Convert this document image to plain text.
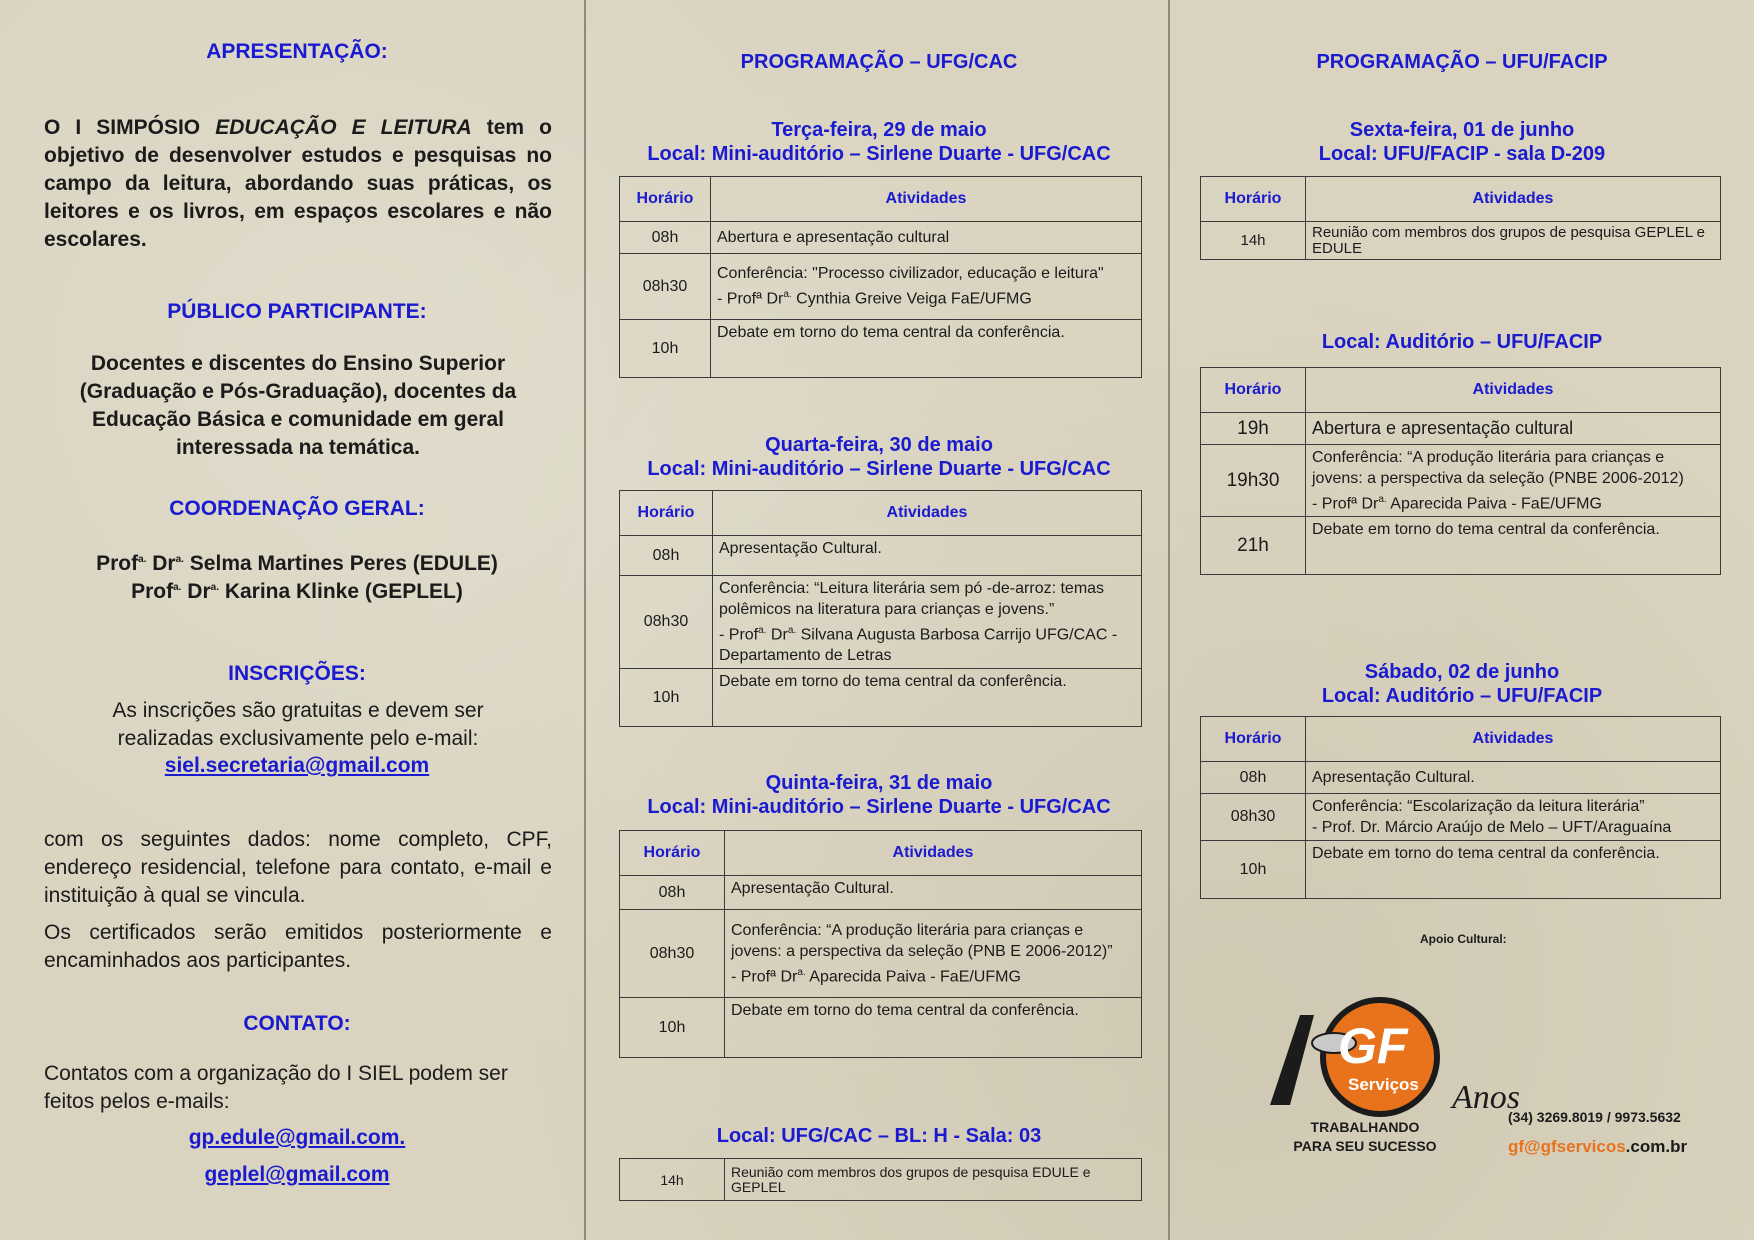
APRESENTAÇÃO:
O I SIMPÓSIO EDUCAÇÃO E LEITURA tem o objetivo de desenvolver estudos e pesquisas no campo da leitura, abordando suas práticas, os leitores e os livros, em espaços escolares e não escolares.
PÚBLICO PARTICIPANTE:
Docentes e discentes do Ensino Superior (Graduação e Pós-Graduação), docentes da Educação Básica e comunidade em geral interessada na temática.
COORDENAÇÃO GERAL:
Prof$^{a.}$ $Dr^{a.}$ Selma Martines Peres (EDULE)
Prof$^{a.}$ $Dr^{a.}$ Karina Klinke (GEPLEL)
INSCRIÇÕES:
As inscrições são gratuitas e devem ser realizadas exclusivamente pelo e-mail:
siel.secretaria@gmail.com
com os seguintes dados: nome completo, CPF, endereço residencial, telefone para contato, e-mail e instituição à qual se vincula.
Os certificados serão emitidos posteriormente e encaminhados aos participantes.
CONTATO:
Contatos com a organização do I SIEL podem ser feitos pelos e-mails:
gp.edule@gmail.com.
geplel@gmail.com
PROGRAMAÇÃO – UFG/CAC
Terça-feira, 29 de maio
Local: Mini-auditório – Sirlene Duarte - UFG/CAC
Horário	Atividades
08h	Abertura e apresentação cultural
08h30	Conferência: "Processo civilizador, educação e leitura"
- Profª $Dr^{a.}$ Cynthia Greive Veiga FaE/UFMG

10h	Debate em torno do tema central da conferência.
Quarta-feira, 30 de maio
Local: Mini-auditório – Sirlene Duarte - UFG/CAC
Horário	Atividades
08h	Apresentação Cultural.
08h30	Conferência: “Leitura literária sem pó -de-arroz: temas polêmicos na literatura para crianças e jovens.”
- Prof$^{a.}$ $Dr^{a.}$ Silvana Augusta Barbosa Carrijo UFG/CAC - Departamento de Letras

10h	Debate em torno do tema central da conferência.
Quinta-feira, 31 de maio
Local: Mini-auditório – Sirlene Duarte - UFG/CAC
Horário	Atividades
08h	Apresentação Cultural.
08h30	Conferência: “A produção literária para crianças e jovens: a perspectiva da seleção (PNB E 2006-2012)”
- Profª $Dr^{a.}$ Aparecida Paiva - FaE/UFMG

10h	Debate em torno do tema central da conferência.
Local: UFG/CAC – BL: H - Sala: 03
14h	Reunião com membros dos grupos de pesquisa EDULE e GEPLEL
PROGRAMAÇÃO – UFU/FACIP
Sexta-feira, 01 de junho
Local: UFU/FACIP - sala D-209
Horário	Atividades
14h	Reunião com membros dos grupos de pesquisa GEPLEL e EDULE
Local: Auditório – UFU/FACIP
Horário	Atividades
19h	Abertura e apresentação cultural
19h30	Conferência: “A produção literária para crianças e jovens: a perspectiva da seleção (PNBE 2006-2012)
- Profª $Dr^{a.}$ Aparecida Paiva - FaE/UFMG

21h	Debate em torno do tema central da conferência.
Sábado, 02 de junho
Local: Auditório – UFU/FACIP
Horário	Atividades
08h	Apresentação Cultural.
08h30	Conferência: “Escolarização da leitura literária”
- Prof. Dr. Márcio Araújo de Melo – UFT/Araguaína

10h	Debate em torno do tema central da conferência.
Apoio Cultural:
GF
Serviços Anos
TRABALHANDO
PARA SEU SUCESSO
(34) 3269.8019 / 9973.5632
gf@gfservicos.com.br
